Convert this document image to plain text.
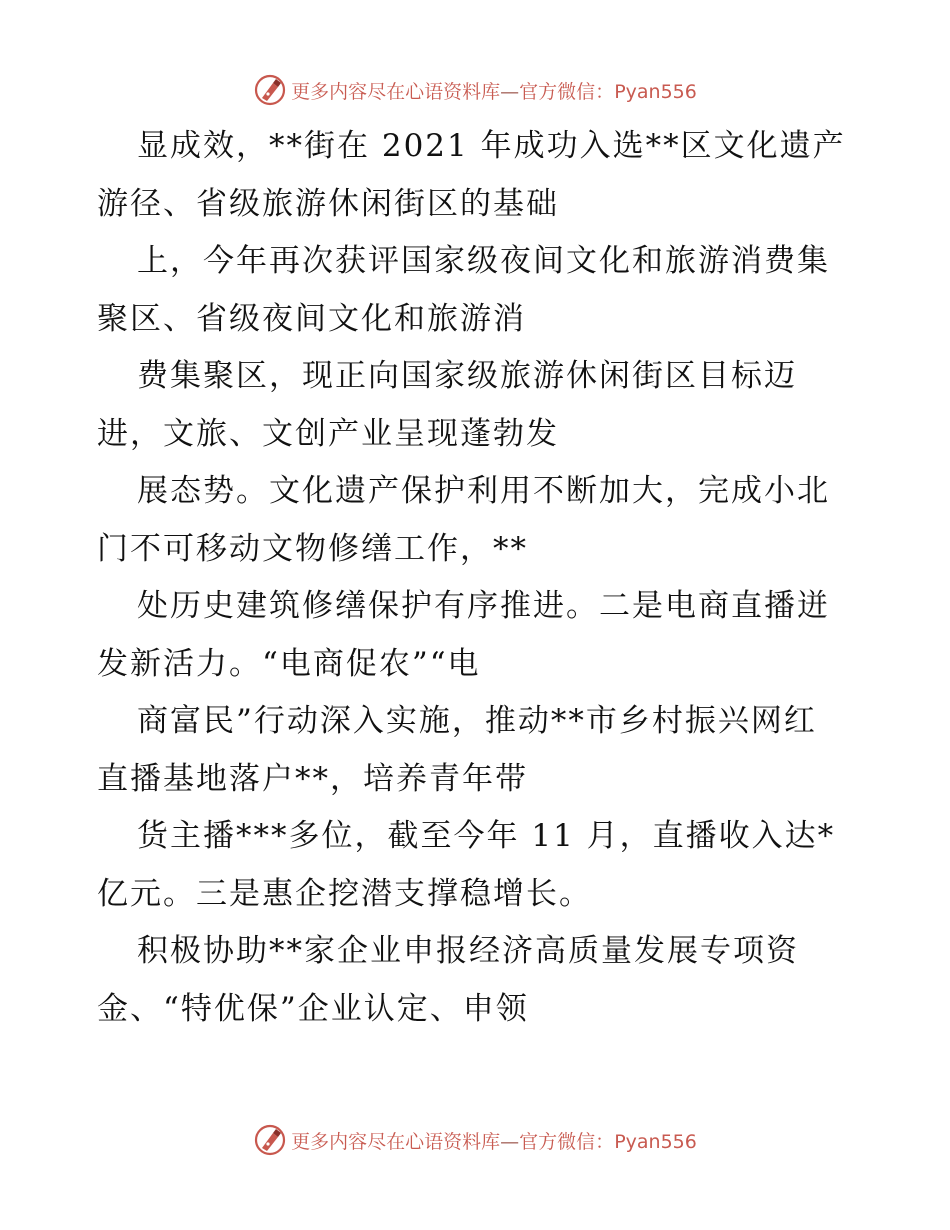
更多内容尽在心语资料库—官方微信：Pyan556
显成效，**街在 2021 年成功入选**区文化遗产
游径、省级旅游休闲街区的基础
上，今年再次获评国家级夜间文化和旅游消费集
聚区、省级夜间文化和旅游消
费集聚区，现正向国家级旅游休闲街区目标迈
进，文旅、文创产业呈现蓬勃发
展态势。文化遗产保护利用不断加大，完成小北
门不可移动文物修缮工作，**
处历史建筑修缮保护有序推进。二是电商直播迸
发新活力。“电商促农”“电
商富民”行动深入实施，推动**市乡村振兴网红
直播基地落户**，培养青年带
货主播***多位，截至今年 11 月，直播收入达*
亿元。三是惠企挖潜支撑稳增长。
积极协助**家企业申报经济高质量发展专项资
金、“特优保”企业认定、申领
更多内容尽在心语资料库—官方微信：Pyan556
